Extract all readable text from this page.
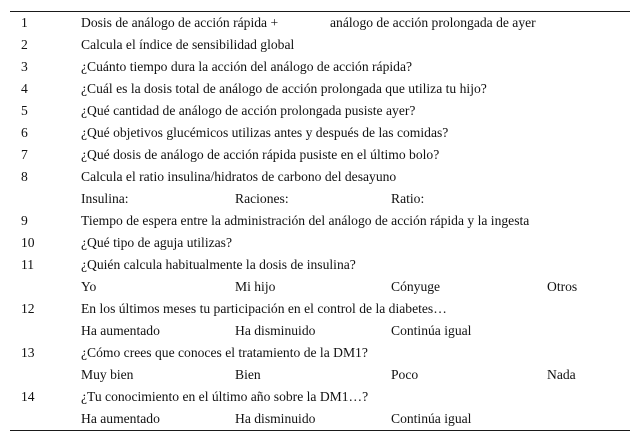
1	Dosis de análogo de acción rápida +	análogo de acción prolongada de ayer
2	Calcula el índice de sensibilidad global
3	¿Cuánto tiempo dura la acción del análogo de acción rápida?
4	¿Cuál es la dosis total de análogo de acción prolongada que utiliza tu hijo?
5	¿Qué cantidad de análogo de acción prolongada pusiste ayer?
6	¿Qué objetivos glucémicos utilizas antes y después de las comidas?
7	¿Qué dosis de análogo de acción rápida pusiste en el último bolo?
8	Calcula el ratio insulina/hidratos de carbono del desayuno
Insulina:	Raciones:	Ratio:
9	Tiempo de espera entre la administración del análogo de acción rápida y la ingesta
10	¿Qué tipo de aguja utilizas?
11	¿Quién calcula habitualmente la dosis de insulina?
Yo	Mi hijo	Cónyuge	Otros
12	En los últimos meses tu participación en el control de la diabetes…
Ha aumentado	Ha disminuido	Continúa igual
13	¿Cómo crees que conoces el tratamiento de la DM1?
Muy bien	Bien	Poco	Nada
14	¿Tu conocimiento en el último año sobre la DM1…?
Ha aumentado	Ha disminuido	Continúa igual
